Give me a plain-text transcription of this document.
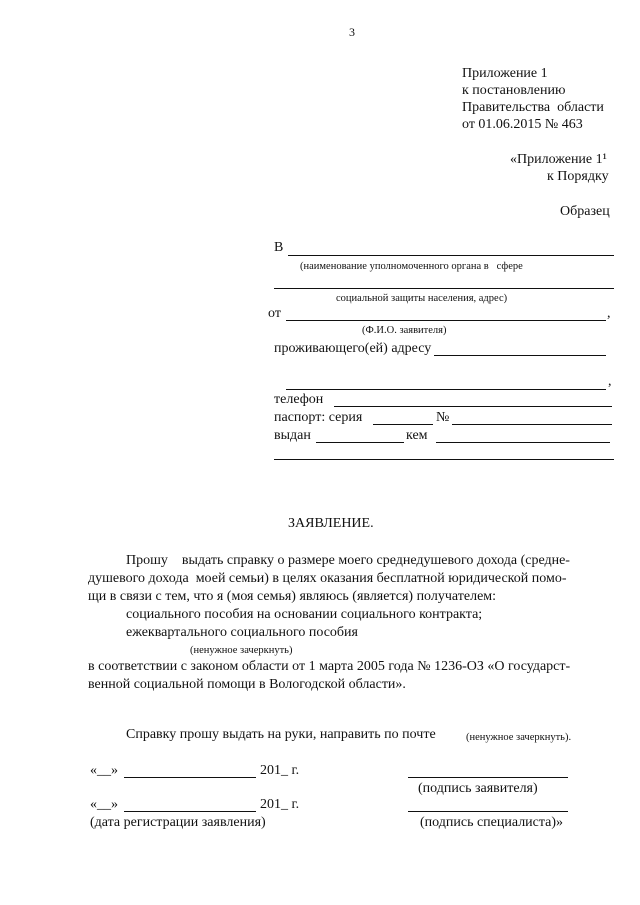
3
Приложение 1
к постановлению
Правительства  области
от 01.06.2015 № 463
«Приложение 1¹
к Порядку
Образец
В
(наименование уполномоченного органа в   сфере
социальной защиты населения, адрес)
от	,
(Ф.И.О. заявителя)
проживающего(ей) адресу
,
телефон
паспорт: серия	№
выдан	кем
ЗАЯВЛЕНИЕ.
Прошу    выдать справку о размере моего среднедушевого дохода (средне-
душевого дохода  моей семьи) в целях оказания бесплатной юридической помо-
щи в связи с тем, что я (моя семья) являюсь (является) получателем:
социального пособия на основании социального контракта;
ежеквартального социального пособия
(ненужное зачеркнуть)
в соответствии с законом области от 1 марта 2005 года № 1236-ОЗ «О государст-
венной социальной помощи в Вологодской области».
Справку прошу выдать на руки, направить по почте	(ненужное зачеркнуть).
«__»	201_ г.
(подпись заявителя)
«__»	201_ г.
(дата регистрации заявления)	(подпись специалиста)»
